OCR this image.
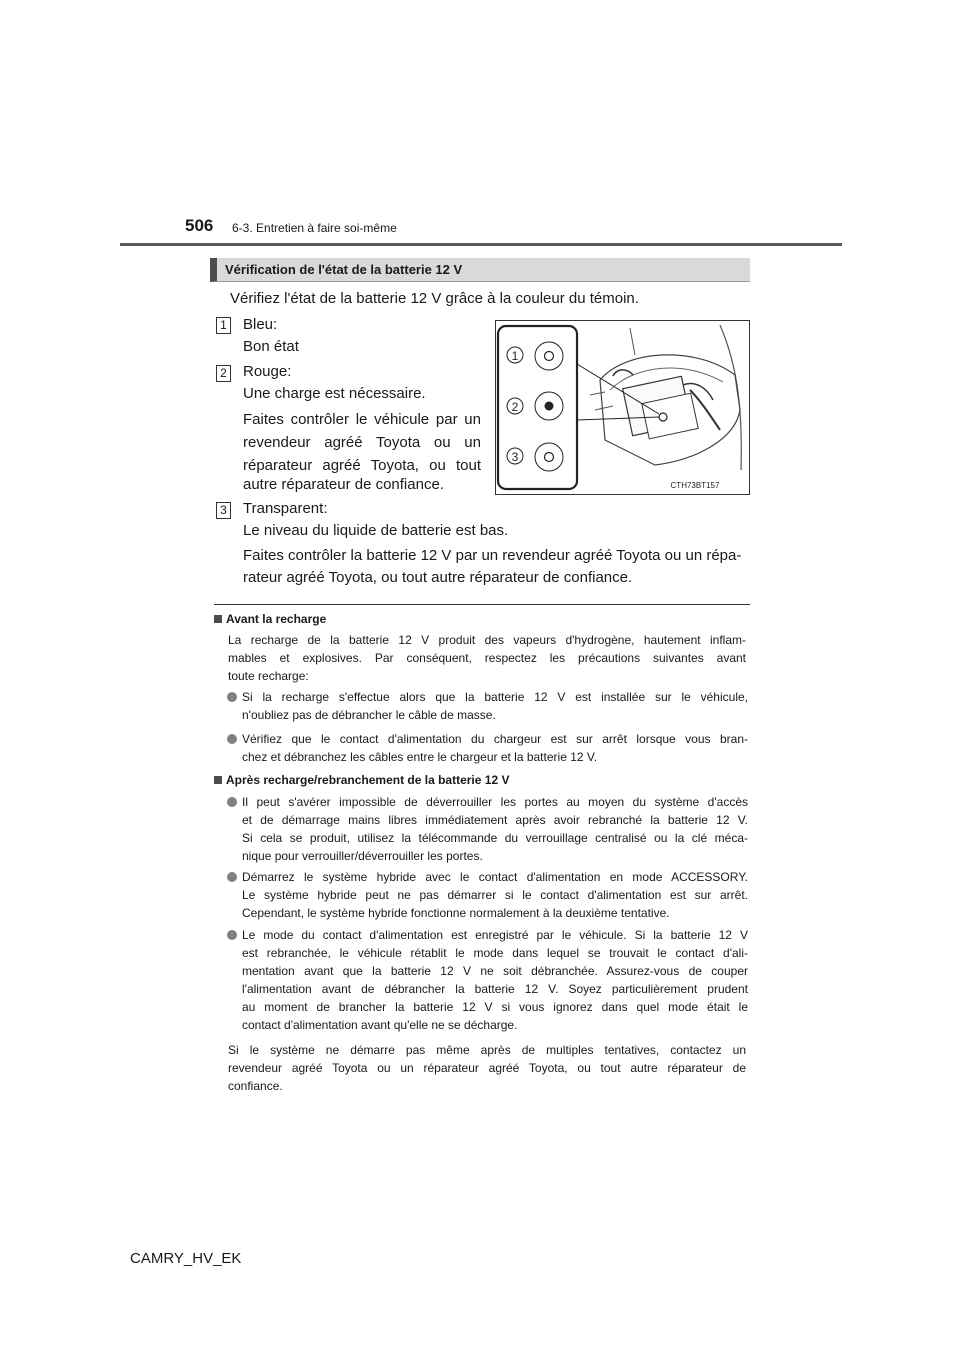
506 6-3. Entretien à faire soi-même
Vérification de l'état de la batterie 12 V
Vérifiez l'état de la batterie 12 V grâce à la couleur du témoin.
1 Bleu:
Bon état
2 Rouge:
Une charge est nécessaire.
Faites contrôler le véhicule par un
revendeur agréé Toyota ou un
réparateur agréé Toyota, ou tout
autre réparateur de confiance.
1
2
3
CTH73BT157
3 Transparent:
Le niveau du liquide de batterie est bas.
Faites contrôler la batterie 12 V par un revendeur agréé Toyota ou un répa-
rateur agréé Toyota, ou tout autre réparateur de confiance.
Avant la recharge
La recharge de la batterie 12 V produit des vapeurs d'hydrogène, hautement inflam-
mables et explosives. Par conséquent, respectez les précautions suivantes avant
toute recharge:
Si la recharge s'effectue alors que la batterie 12 V est installée sur le véhicule,
n'oubliez pas de débrancher le câble de masse.
Vérifiez que le contact d'alimentation du chargeur est sur arrêt lorsque vous bran-
chez et débranchez les câbles entre le chargeur et la batterie 12 V.
Après recharge/rebranchement de la batterie 12 V
Il peut s'avérer impossible de déverrouiller les portes au moyen du système d'accès
et de démarrage mains libres immédiatement après avoir rebranché la batterie 12 V.
Si cela se produit, utilisez la télécommande du verrouillage centralisé ou la clé méca-
nique pour verrouiller/déverrouiller les portes.
Démarrez le système hybride avec le contact d'alimentation en mode ACCESSORY.
Le système hybride peut ne pas démarrer si le contact d'alimentation est sur arrêt.
Cependant, le système hybride fonctionne normalement à la deuxième tentative.
Le mode du contact d'alimentation est enregistré par le véhicule. Si la batterie 12 V
est rebranchée, le véhicule rétablit le mode dans lequel se trouvait le contact d'ali-
mentation avant que la batterie 12 V ne soit débranchée. Assurez-vous de couper
l'alimentation avant de débrancher la batterie 12 V. Soyez particulièrement prudent
au moment de brancher la batterie 12 V si vous ignorez dans quel mode était le
contact d'alimentation avant qu'elle ne se décharge.
Si le système ne démarre pas même après de multiples tentatives, contactez un
revendeur agréé Toyota ou un réparateur agréé Toyota, ou tout autre réparateur de
confiance.
CAMRY_HV_EK
